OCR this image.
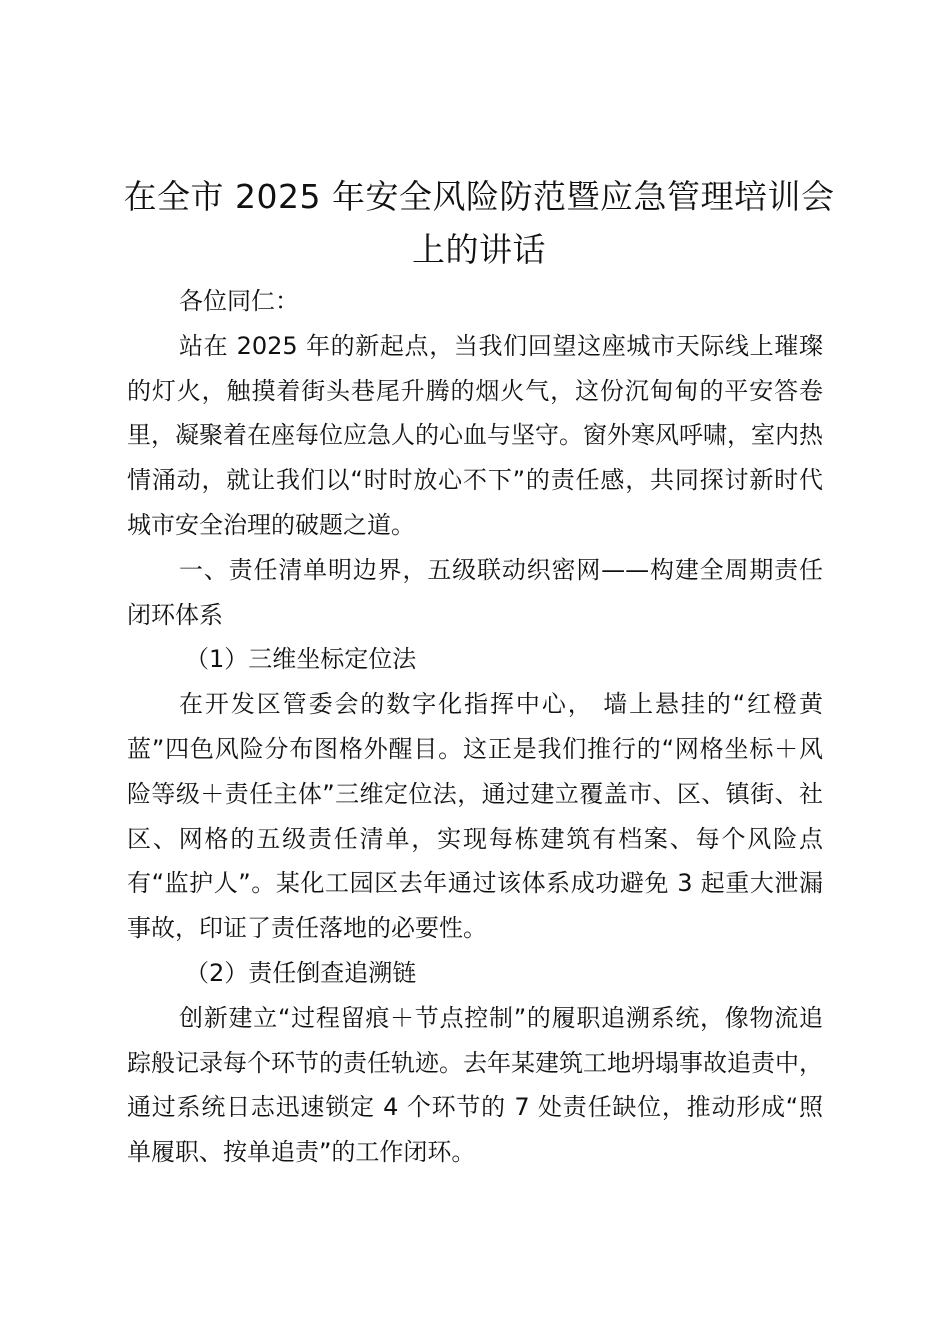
在全市 2025 年安全风险防范暨应急管理培训会上的讲话

各位同仁：

站在 2025 年的新起点，当我们回望这座城市天际线上璀璨的灯火，触摸着街头巷尾升腾的烟火气，这份沉甸甸的平安答卷里，凝聚着在座每位应急人的心血与坚守。窗外寒风呼啸，室内热情涌动，就让我们以“时时放心不下”的责任感，共同探讨新时代城市安全治理的破题之道。

一、责任清单明边界，五级联动织密网——构建全周期责任闭环体系

（1）三维坐标定位法

在开发区管委会的数字化指挥中心， 墙上悬挂的“红橙黄蓝”四色风险分布图格外醒目。这正是我们推行的“网格坐标＋风险等级＋责任主体”三维定位法，通过建立覆盖市、区、镇街、社区、网格的五级责任清单，实现每栋建筑有档案、每个风险点有“监护人”。某化工园区去年通过该体系成功避免 3 起重大泄漏事故，印证了责任落地的必要性。

（2）责任倒查追溯链

创新建立“过程留痕＋节点控制”的履职追溯系统，像物流追踪般记录每个环节的责任轨迹。去年某建筑工地坍塌事故追责中，通过系统日志迅速锁定 4 个环节的 7 处责任缺位，推动形成“照单履职、按单追责”的工作闭环。
